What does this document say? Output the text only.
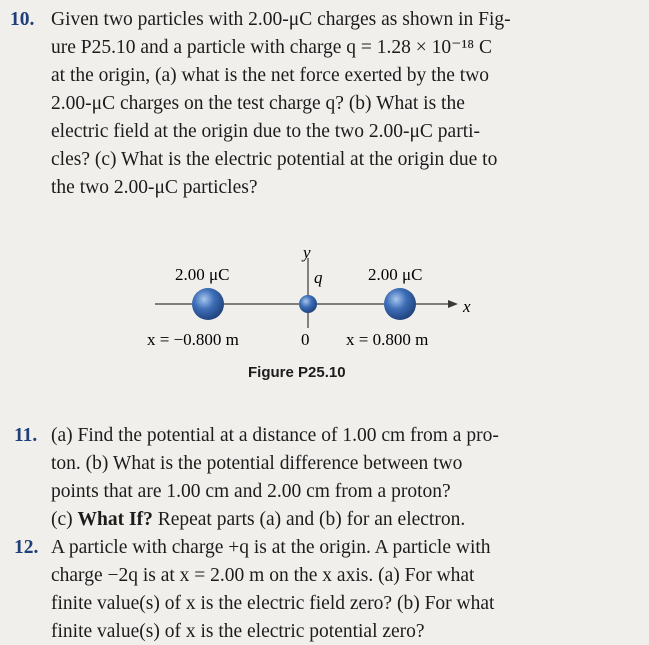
10. Given two particles with 2.00-μC charges as shown in Fig-
ure P25.10 and a particle with charge q = 1.28 × 10⁻¹⁸ C
at the origin, (a) what is the net force exerted by the two
2.00-μC charges on the test charge q? (b) What is the
electric field at the origin due to the two 2.00-μC parti-
cles? (c) What is the electric potential at the origin due to
the two 2.00-μC particles?
y
x
2.00 μC	2.00 μC
q
x = −0.800 m	0 x = 0.800 m
Figure P25.10
11. (a) Find the potential at a distance of 1.00 cm from a pro-
ton. (b) What is the potential difference between two
points that are 1.00 cm and 2.00 cm from a proton?
(c) What If? Repeat parts (a) and (b) for an electron.
12. A particle with charge +q is at the origin. A particle with
charge −2q is at x = 2.00 m on the x axis. (a) For what
finite value(s) of x is the electric field zero? (b) For what
finite value(s) of x is the electric potential zero?
